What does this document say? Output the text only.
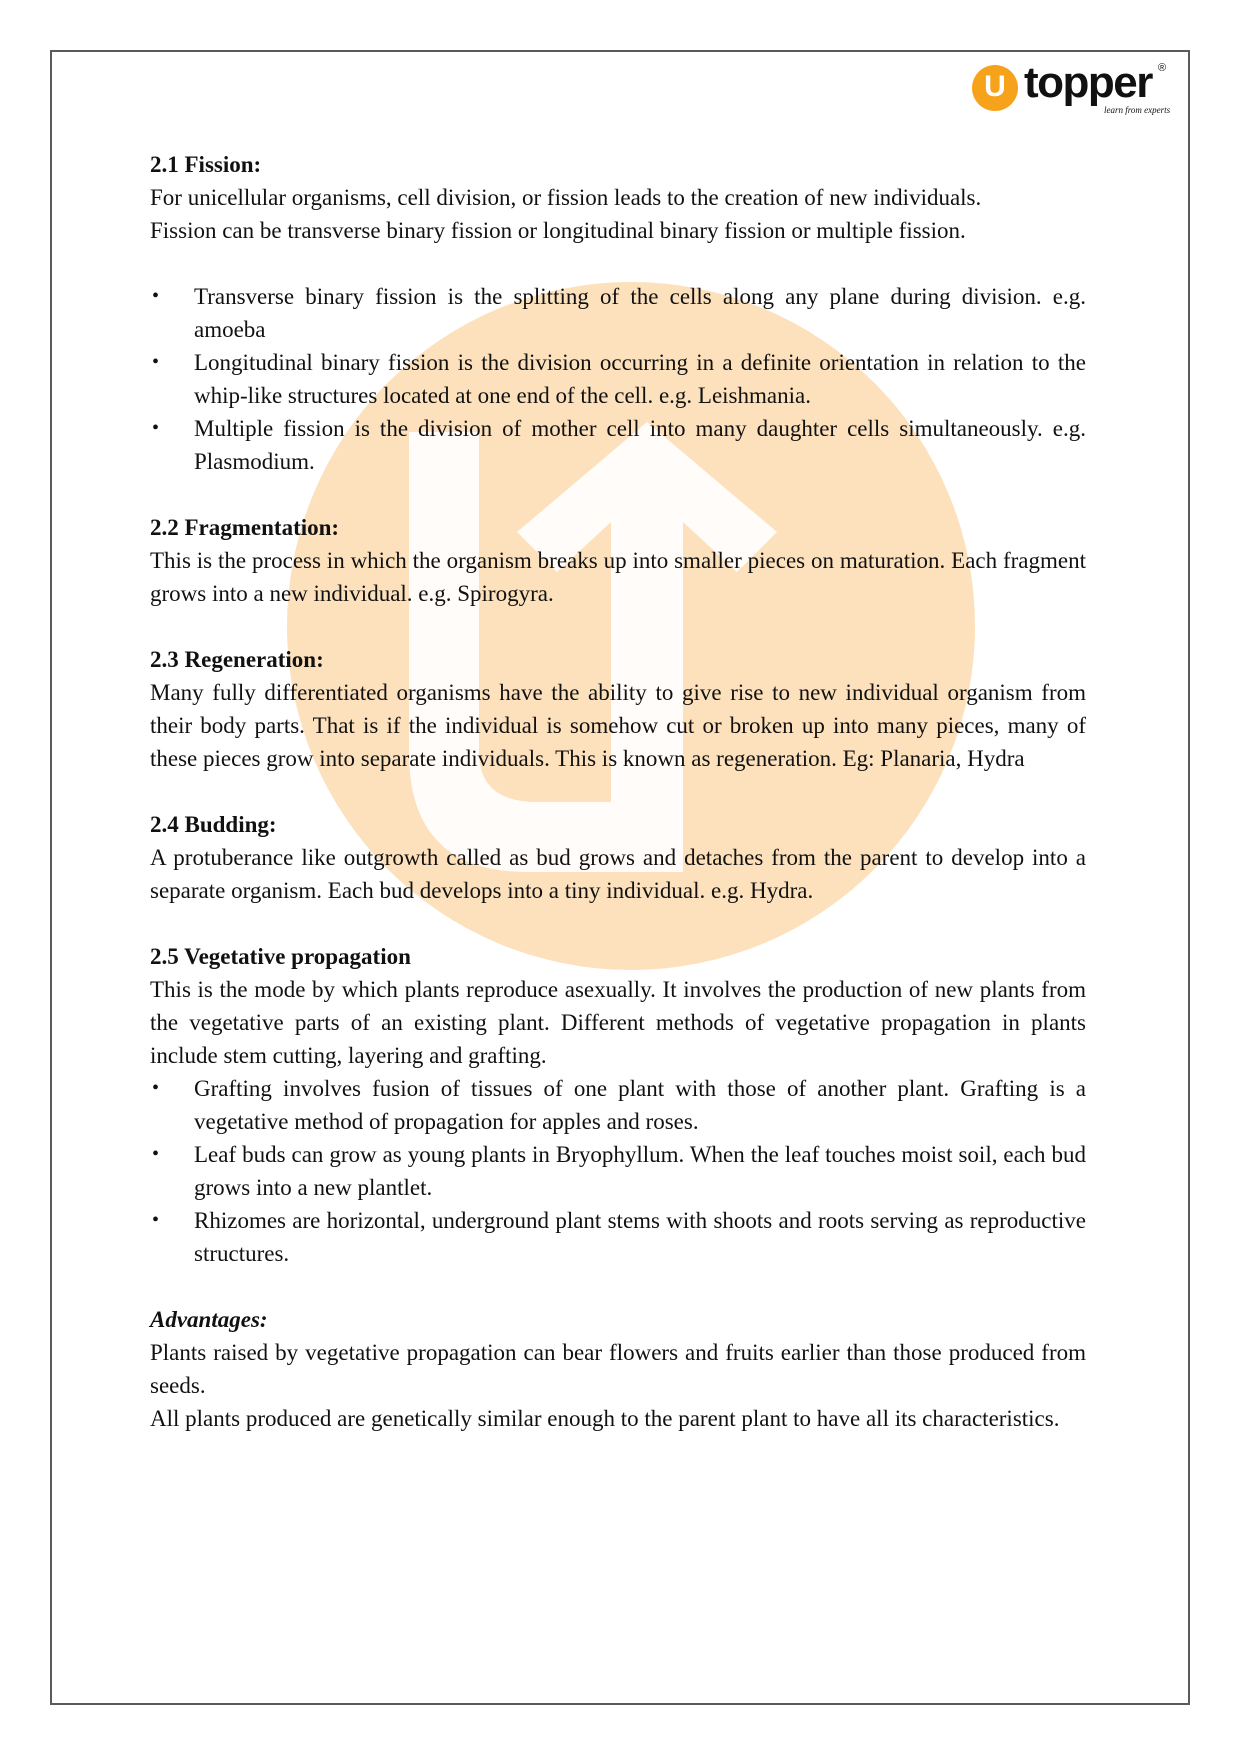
U topper ®
learn from experts
2.1 Fission:

For unicellular organisms, cell division, or fission leads to the creation of new individuals.

Fission can be transverse binary fission or longitudinal binary fission or multiple fission.

• Transverse binary fission is the splitting of the cells along any plane during division. e.g. amoeba
• Longitudinal binary fission is the division occurring in a definite orientation in relation to the whip-like structures located at one end of the cell. e.g. Leishmania.
• Multiple fission is the division of mother cell into many daughter cells simultaneously. e.g. Plasmodium.
2.2 Fragmentation:

This is the process in which the organism breaks up into smaller pieces on maturation. Each fragment grows into a new individual. e.g. Spirogyra.

2.3 Regeneration:

Many fully differentiated organisms have the ability to give rise to new individual organism from their body parts. That is if the individual is somehow cut or broken up into many pieces, many of these pieces grow into separate individuals. This is known as regeneration. Eg: Planaria, Hydra

2.4 Budding:

A protuberance like outgrowth called as bud grows and detaches from the parent to develop into a separate organism. Each bud develops into a tiny individual. e.g. Hydra.

2.5 Vegetative propagation

This is the mode by which plants reproduce asexually. It involves the production of new plants from the vegetative parts of an existing plant. Different methods of vegetative propagation in plants include stem cutting, layering and grafting.

• Grafting involves fusion of tissues of one plant with those of another plant. Grafting is a vegetative method of propagation for apples and roses.
• Leaf buds can grow as young plants in Bryophyllum. When the leaf touches moist soil, each bud grows into a new plantlet.
• Rhizomes are horizontal, underground plant stems with shoots and roots serving as reproductive structures.
Advantages:

Plants raised by vegetative propagation can bear flowers and fruits earlier than those produced from seeds.

All plants produced are genetically similar enough to the parent plant to have all its characteristics.
